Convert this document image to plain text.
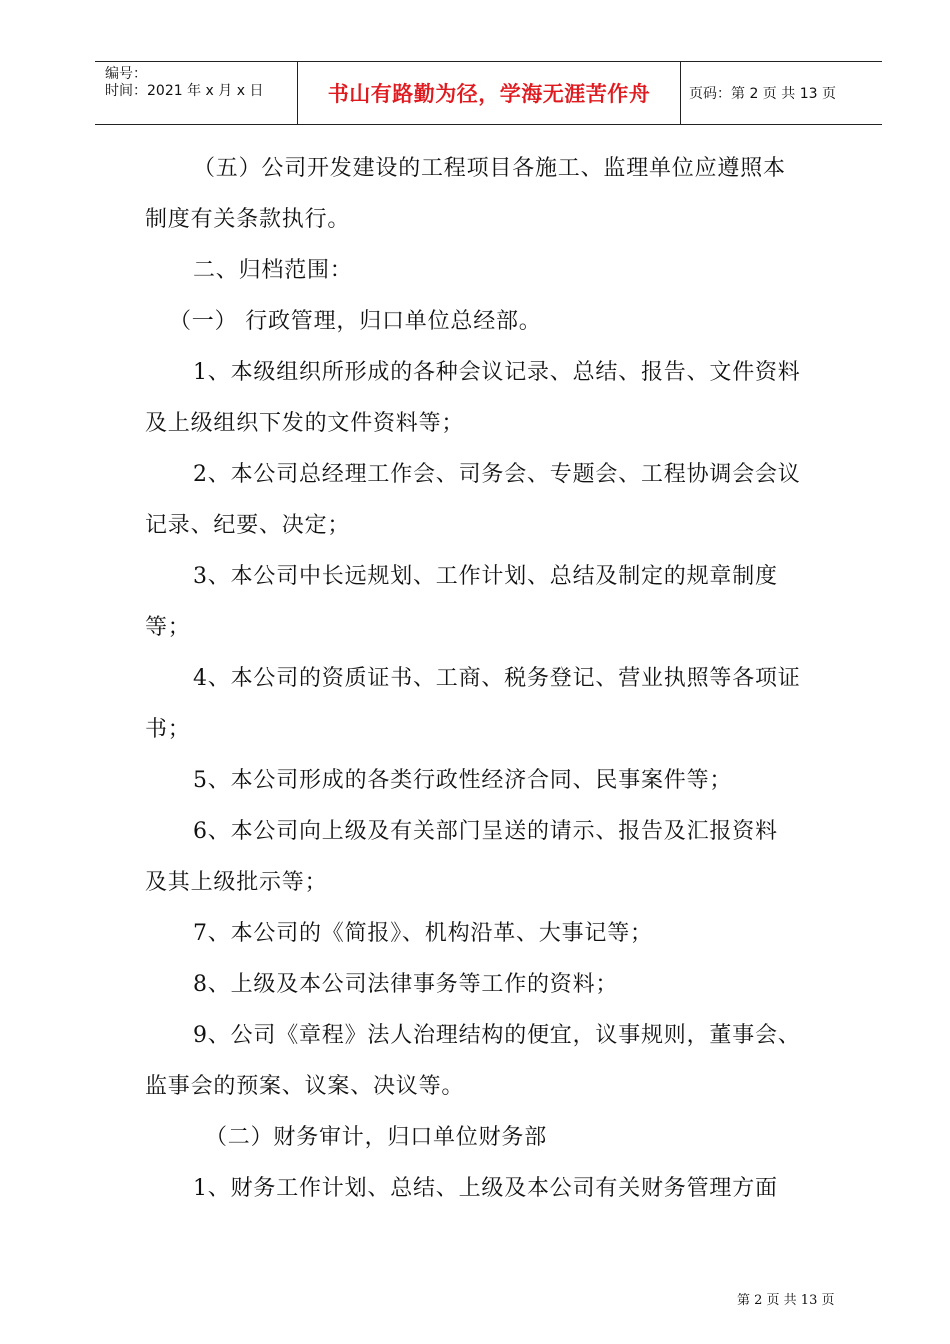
编号：
时间：2021 年 x 月 x 日	书山有路勤为径，学海无涯苦作舟	页码：第 2 页 共 13 页

（五）公司开发建设的工程项目各施工、监理单位应遵照本

制度有关条款执行。

二、归档范围：

（一） 行政管理，归口单位总经部。

1、本级组织所形成的各种会议记录、总结、报告、文件资料

及上级组织下发的文件资料等；

2、本公司总经理工作会、司务会、专题会、工程协调会会议

记录、纪要、决定；

3、本公司中长远规划、工作计划、总结及制定的规章制度

等；

4、本公司的资质证书、工商、税务登记、营业执照等各项证

书；

5、本公司形成的各类行政性经济合同、民事案件等；

6、本公司向上级及有关部门呈送的请示、报告及汇报资料

及其上级批示等；

7、本公司的《简报》、机构沿革、大事记等；

8、上级及本公司法律事务等工作的资料；

9、公司《章程》法人治理结构的便宜，议事规则，董事会、

监事会的预案、议案、决议等。

（二）财务审计，归口单位财务部

1、财务工作计划、总结、上级及本公司有关财务管理方面

第 2 页 共 13 页
